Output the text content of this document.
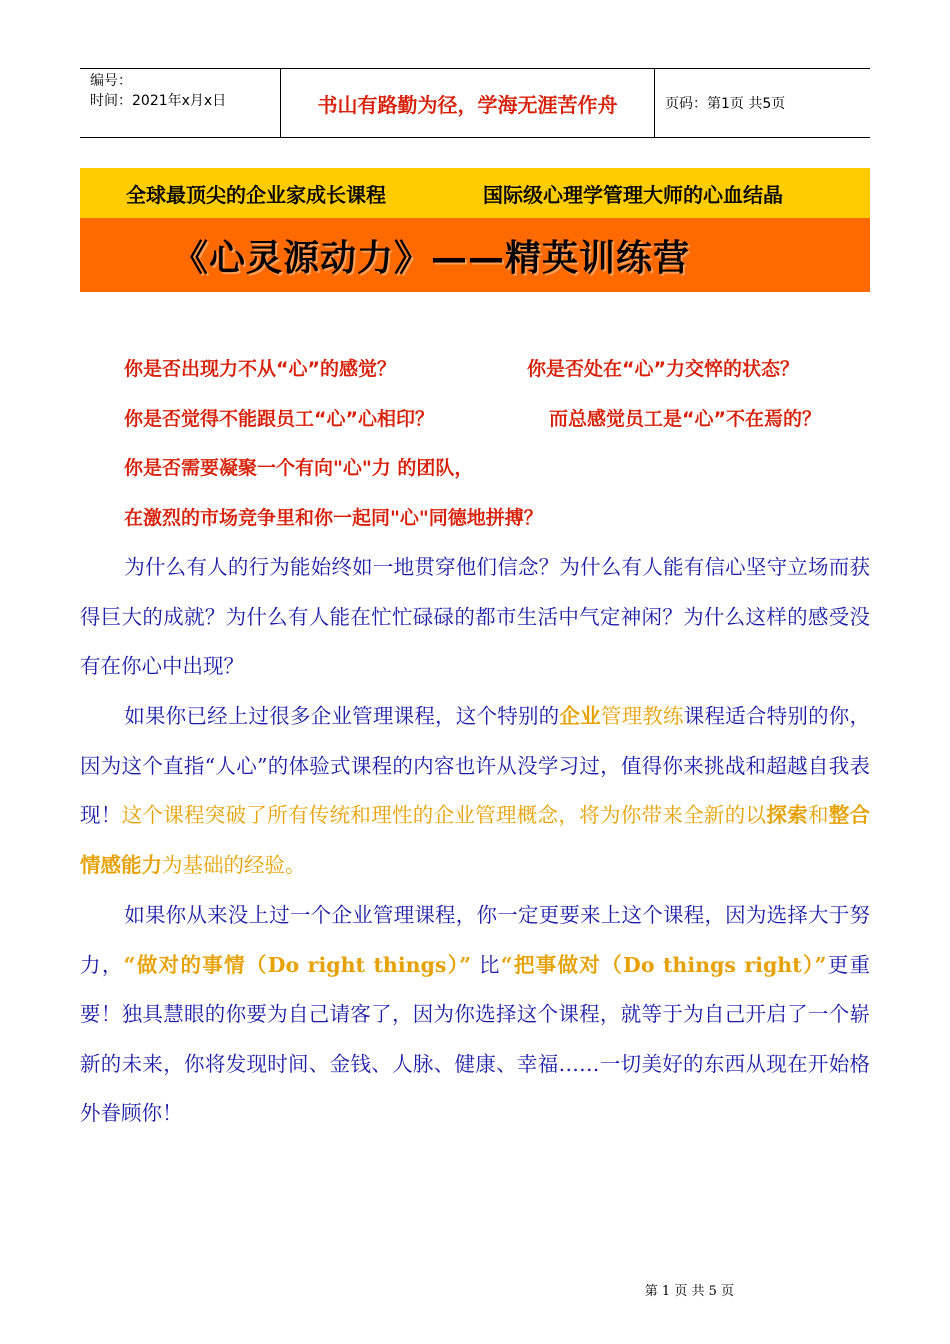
编号：
时间：2021年x月x日	书山有路勤为径，学海无涯苦作舟	页码：第1页 共5页
全球最顶尖的企业家成长课程	国际级心理学管理大师的心血结晶
《心灵源动力》——精英训练营
你是否出现力不从“心”的感觉？	你是否处在“心”力交悴的状态？
你是否觉得不能跟员工“心”心相印？	而总感觉员工是“心”不在焉的？
你是否需要凝聚一个有向"心"力 的团队，
在激烈的市场竞争里和你一起同"心"同德地拼搏？
为什么有人的行为能始终如一地贯穿他们信念？为什么有人能有信心坚守立场而获得巨大的成就？为什么有人能在忙忙碌碌的都市生活中气定神闲？为什么这样的感受没有在你心中出现？
如果你已经上过很多企业管理课程，这个特别的企业管理教练课程适合特别的你，因为这个直指“人心”的体验式课程的内容也许从没学习过，值得你来挑战和超越自我表现！这个课程突破了所有传统和理性的企业管理概念，将为你带来全新的以探索和整合情感能力为基础的经验。
如果你从来没上过一个企业管理课程，你一定更要来上这个课程，因为选择大于努力，“做对的事情（Do right things）” 比“把事做对（Do things right）”更重要！独具慧眼的你要为自己请客了，因为你选择这个课程，就等于为自己开启了一个崭新的未来，你将发现时间、金钱、人脉、健康、幸福……一切美好的东西从现在开始格外眷顾你！
第 1 页 共 5 页
